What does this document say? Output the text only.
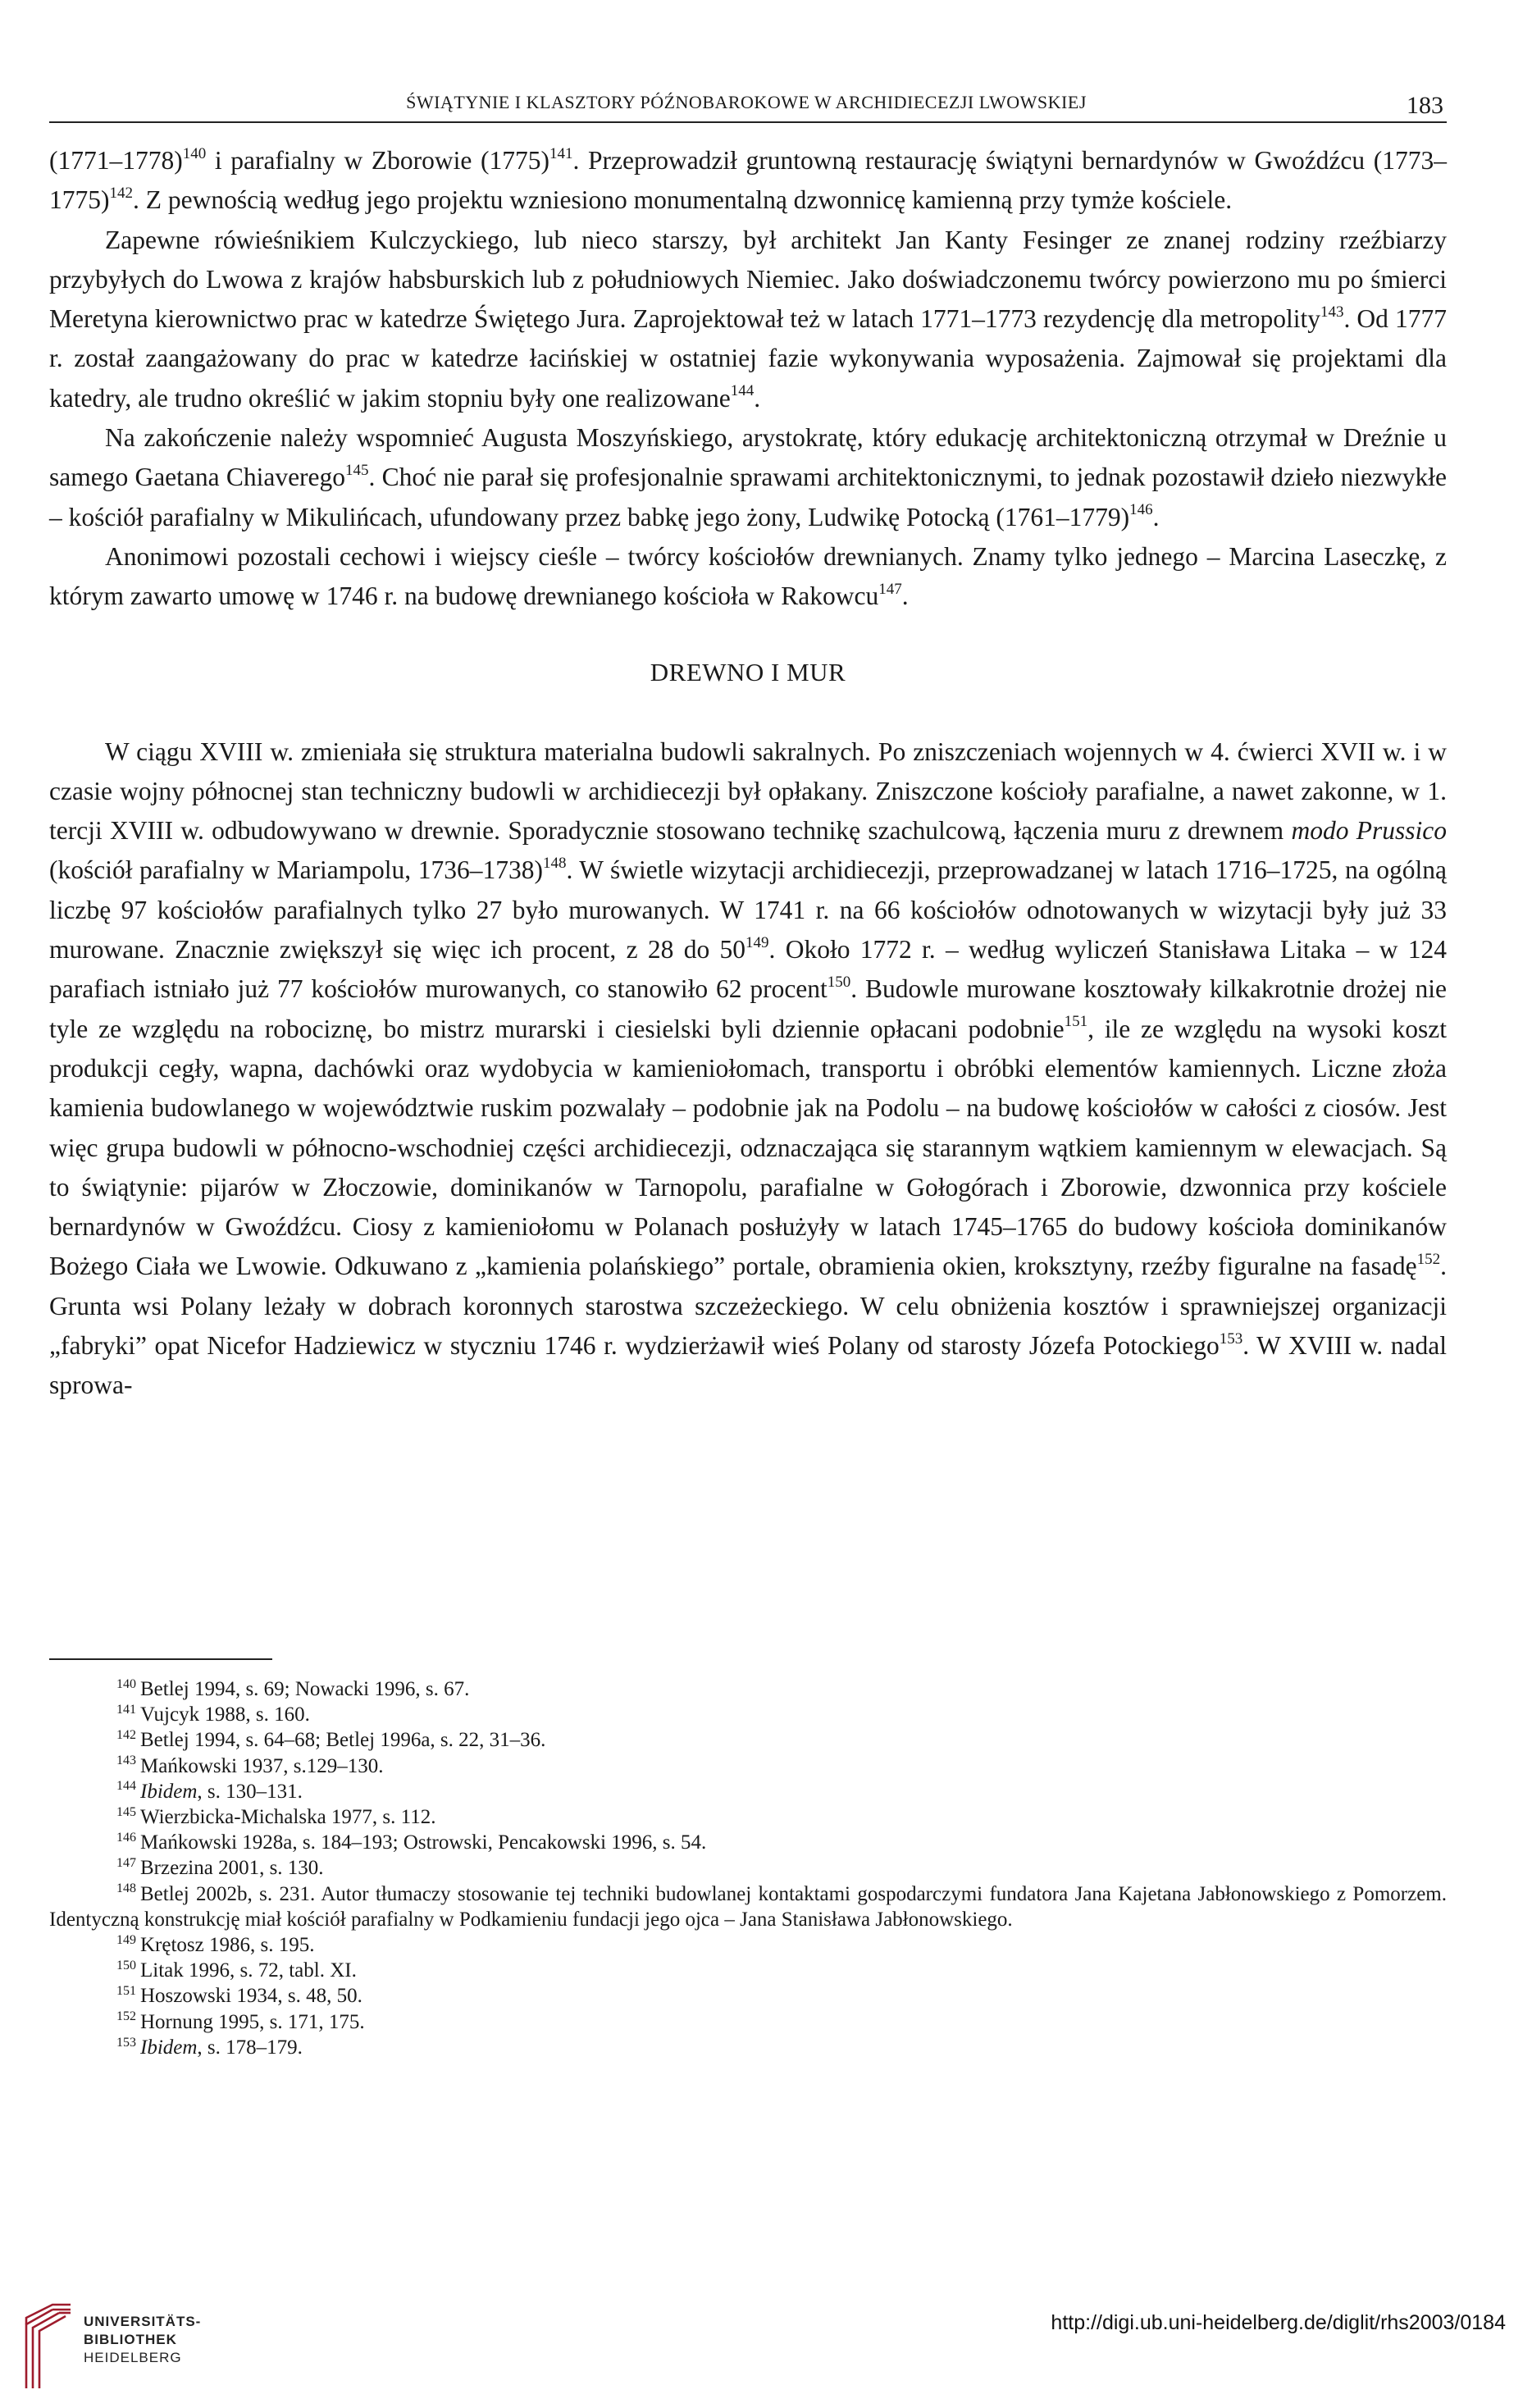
ŚWIĄTYNIE I KLASZTORY PÓŹNOBAROKOWE W ARCHIDIECEZJI LWOWSKIEJ	183

(1771–1778)$^{140}$ i parafialny w Zborowie $(1775)^{141}$. Przeprowadził gruntowną restaurację świątyni bernardynów w Gwoźdźcu (1773–1775)$^{142}$. Z pewnością według jego projektu wzniesiono monumentalną dzwonnicę kamienną przy tymże kościele.

Zapewne rówieśnikiem Kulczyckiego, lub nieco starszy, był architekt Jan Kanty Fesinger ze znanej rodziny rzeźbiarzy przybyłych do Lwowa z krajów habsburskich lub z południowych Niemiec. Jako doświadczonemu twórcy powierzono mu po śmierci Meretyna kierownictwo prac w katedrze Świętego Jura. Zaprojektował też w latach 1771–1773 rezydencję dla metropolity$^{143}$. Od 1777 r. został zaangażowany do prac w katedrze łacińskiej w ostatniej fazie wykonywania wyposażenia. Zajmował się projektami dla katedry, ale trudno określić w jakim stopniu były one realizowane$^{144}$.

Na zakończenie należy wspomnieć Augusta Moszyńskiego, arystokratę, który edukację architektoniczną otrzymał w Dreźnie u samego Gaetana Chiaverego$^{145}$. Choć nie parał się profesjonalnie sprawami architektonicznymi, to jednak pozostawił dzieło niezwykłe – kościół parafialny w Mikulińcach, ufundowany przez babkę jego żony, Ludwikę Potocką (1761–1779)$^{146}$.

Anonimowi pozostali cechowi i wiejscy cieśle – twórcy kościołów drewnianych. Znamy tylko jednego – Marcina Laseczkę, z którym zawarto umowę w 1746 r. na budowę drewnianego kościoła w Rakowcu$^{147}$.

DREWNO I MUR

W ciągu XVIII w. zmieniała się struktura materialna budowli sakralnych. Po zniszczeniach wojennych w 4. ćwierci XVII w. i w czasie wojny północnej stan techniczny budowli w archidiecezji był opłakany. Zniszczone kościoły parafialne, a nawet zakonne, w 1. tercji XVIII w. odbudowywano w drewnie. Sporadycznie stosowano technikę szachulcową, łączenia muru z drewnem modo Prussico (kościół parafialny w Mariampolu, 1736–1738)$^{148}$. W świetle wizytacji archidiecezji, przeprowadzanej w latach 1716–1725, na ogólną liczbę 97 kościołów parafialnych tylko 27 było murowanych. W 1741 r. na 66 kościołów odnotowanych w wizytacji były już 33 murowane. Znacznie zwiększył się więc ich procent, z 28 do $50^{149}$. Około 1772 r. – według wyliczeń Stanisława Litaka – w 124 parafiach istniało już 77 kościołów murowanych, co stanowiło 62 procent$^{150}$. Budowle murowane kosztowały kilkakrotnie drożej nie tyle ze względu na robociznę, bo mistrz murarski i ciesielski byli dziennie opłacani podobnie$^{151}$, ile ze względu na wysoki koszt produkcji cegły, wapna, dachówki oraz wydobycia w kamieniołomach, transportu i obróbki elementów kamiennych. Liczne złoża kamienia budowlanego w województwie ruskim pozwalały – podobnie jak na Podolu – na budowę kościołów w całości z ciosów. Jest więc grupa budowli w północno-wschodniej części archidiecezji, odznaczająca się starannym wątkiem kamiennym w elewacjach. Są to świątynie: pijarów w Złoczowie, dominikanów w Tarnopolu, parafialne w Gołogórach i Zborowie, dzwonnica przy kościele bernardynów w Gwoźdźcu. Ciosy z kamieniołomu w Polanach posłużyły w latach 1745–1765 do budowy kościoła dominikanów Bożego Ciała we Lwowie. Odkuwano z „kamienia polańskiego” portale, obramienia okien, kroksztyny, rzeźby figuralne na fasadę$^{152}$. Grunta wsi Polany leżały w dobrach koronnych starostwa szczeżeckiego. W celu obniżenia kosztów i sprawniejszej organizacji „fabryki” opat Nicefor Hadziewicz w styczniu 1746 r. wydzierżawił wieś Polany od starosty Józefa Potockiego$^{153}$. W XVIII w. nadal sprowa-

$^{140}$ Betlej 1994, s. 69; Nowacki 1996, s. 67.

$^{141}$ Vujcyk 1988, s. 160.

$^{142}$ Betlej 1994, s. 64–68; Betlej 1996a, s. 22, 31–36.

$^{143}$ Mańkowski 1937, s.129–130.

$^{144}$ Ibidem, s. 130–131.

$^{145}$ Wierzbicka-Michalska 1977, s. 112.

$^{146}$ Mańkowski 1928a, s. 184–193; Ostrowski, Pencakowski 1996, s. 54.

$^{147}$ Brzezina 2001, s. 130.

$^{148}$ Betlej 2002b, s. 231. Autor tłumaczy stosowanie tej techniki budowlanej kontaktami gospodarczymi fundatora Jana Kajetana Jabłonowskiego z Pomorzem. Identyczną konstrukcję miał kościół parafialny w Podkamieniu fundacji jego ojca – Jana Stanisława Jabłonowskiego.

$^{149}$ Krętosz 1986, s. 195.

$^{150}$ Litak 1996, s. 72, tabl. XI.

$^{151}$ Hoszowski 1934, s. 48, 50.

$^{152}$ Hornung 1995, s. 171, 175.

$^{153}$ Ibidem, s. 178–179.

UNIVERSITÄTS-
BIBLIOTHEK
HEIDELBERG
http://digi.ub.uni-heidelberg.de/diglit/rhs2003/0184
